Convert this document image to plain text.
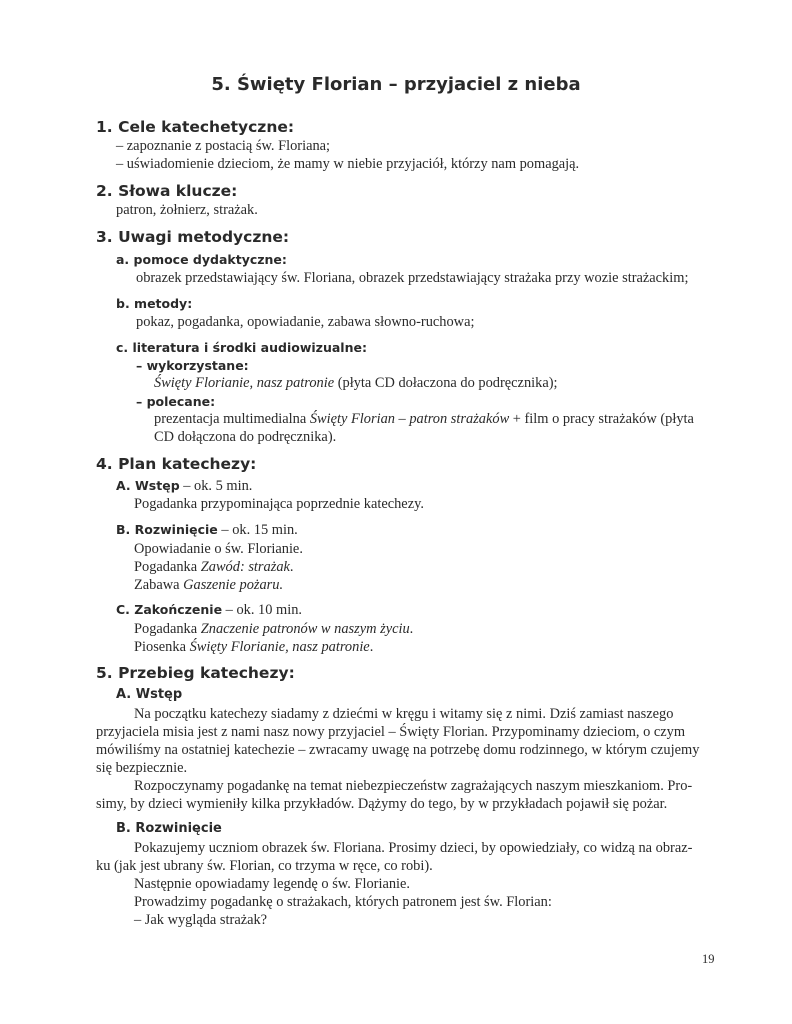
5. Święty Florian – przyjaciel z nieba
1. Cele katechetyczne:
– zapoznanie z postacią św. Floriana;
– uświadomienie dzieciom, że mamy w niebie przyjaciół, którzy nam pomagają.
2. Słowa klucze:
patron, żołnierz, strażak.
3. Uwagi metodyczne:
a. pomoce dydaktyczne:
obrazek przedstawiający św. Floriana, obrazek przedstawiający strażaka przy wozie strażackim;
b. metody:
pokaz, pogadanka, opowiadanie, zabawa słowno-ruchowa;
c. literatura i środki audiowizualne:
– wykorzystane:
Święty Florianie, nasz patronie (płyta CD dołaczona do podręcznika);
– polecane:
prezentacja multimedialna Święty Florian – patron strażaków + film o pracy strażaków (płyta
CD dołączona do podręcznika).
4. Plan katechezy:
A. Wstęp – ok. 5 min.
Pogadanka przypominająca poprzednie katechezy.
B. Rozwinięcie – ok. 15 min.
Opowiadanie o św. Florianie.
Pogadanka Zawód: strażak.
Zabawa Gaszenie pożaru.
C. Zakończenie – ok. 10 min.
Pogadanka Znaczenie patronów w naszym życiu.
Piosenka Święty Florianie, nasz patronie.
5. Przebieg katechezy:
A. Wstęp
Na początku katechezy siadamy z dziećmi w kręgu i witamy się z nimi. Dziś zamiast naszego
przyjaciela misia jest z nami nasz nowy przyjaciel – Święty Florian. Przypominamy dzieciom, o czym
mówiliśmy na ostatniej katechezie – zwracamy uwagę na potrzebę domu rodzinnego, w którym czujemy
się bezpiecznie.
Rozpoczynamy pogadankę na temat niebezpieczeństw zagrażających naszym mieszkaniom. Pro-
simy, by dzieci wymieniły kilka przykładów. Dążymy do tego, by w przykładach pojawił się pożar.
B. Rozwinięcie
Pokazujemy uczniom obrazek św. Floriana. Prosimy dzieci, by opowiedziały, co widzą na obraz-
ku (jak jest ubrany św. Florian, co trzyma w ręce, co robi).
Następnie opowiadamy legendę o św. Florianie.
Prowadzimy pogadankę o strażakach, których patronem jest św. Florian:
– Jak wygląda strażak?
19
